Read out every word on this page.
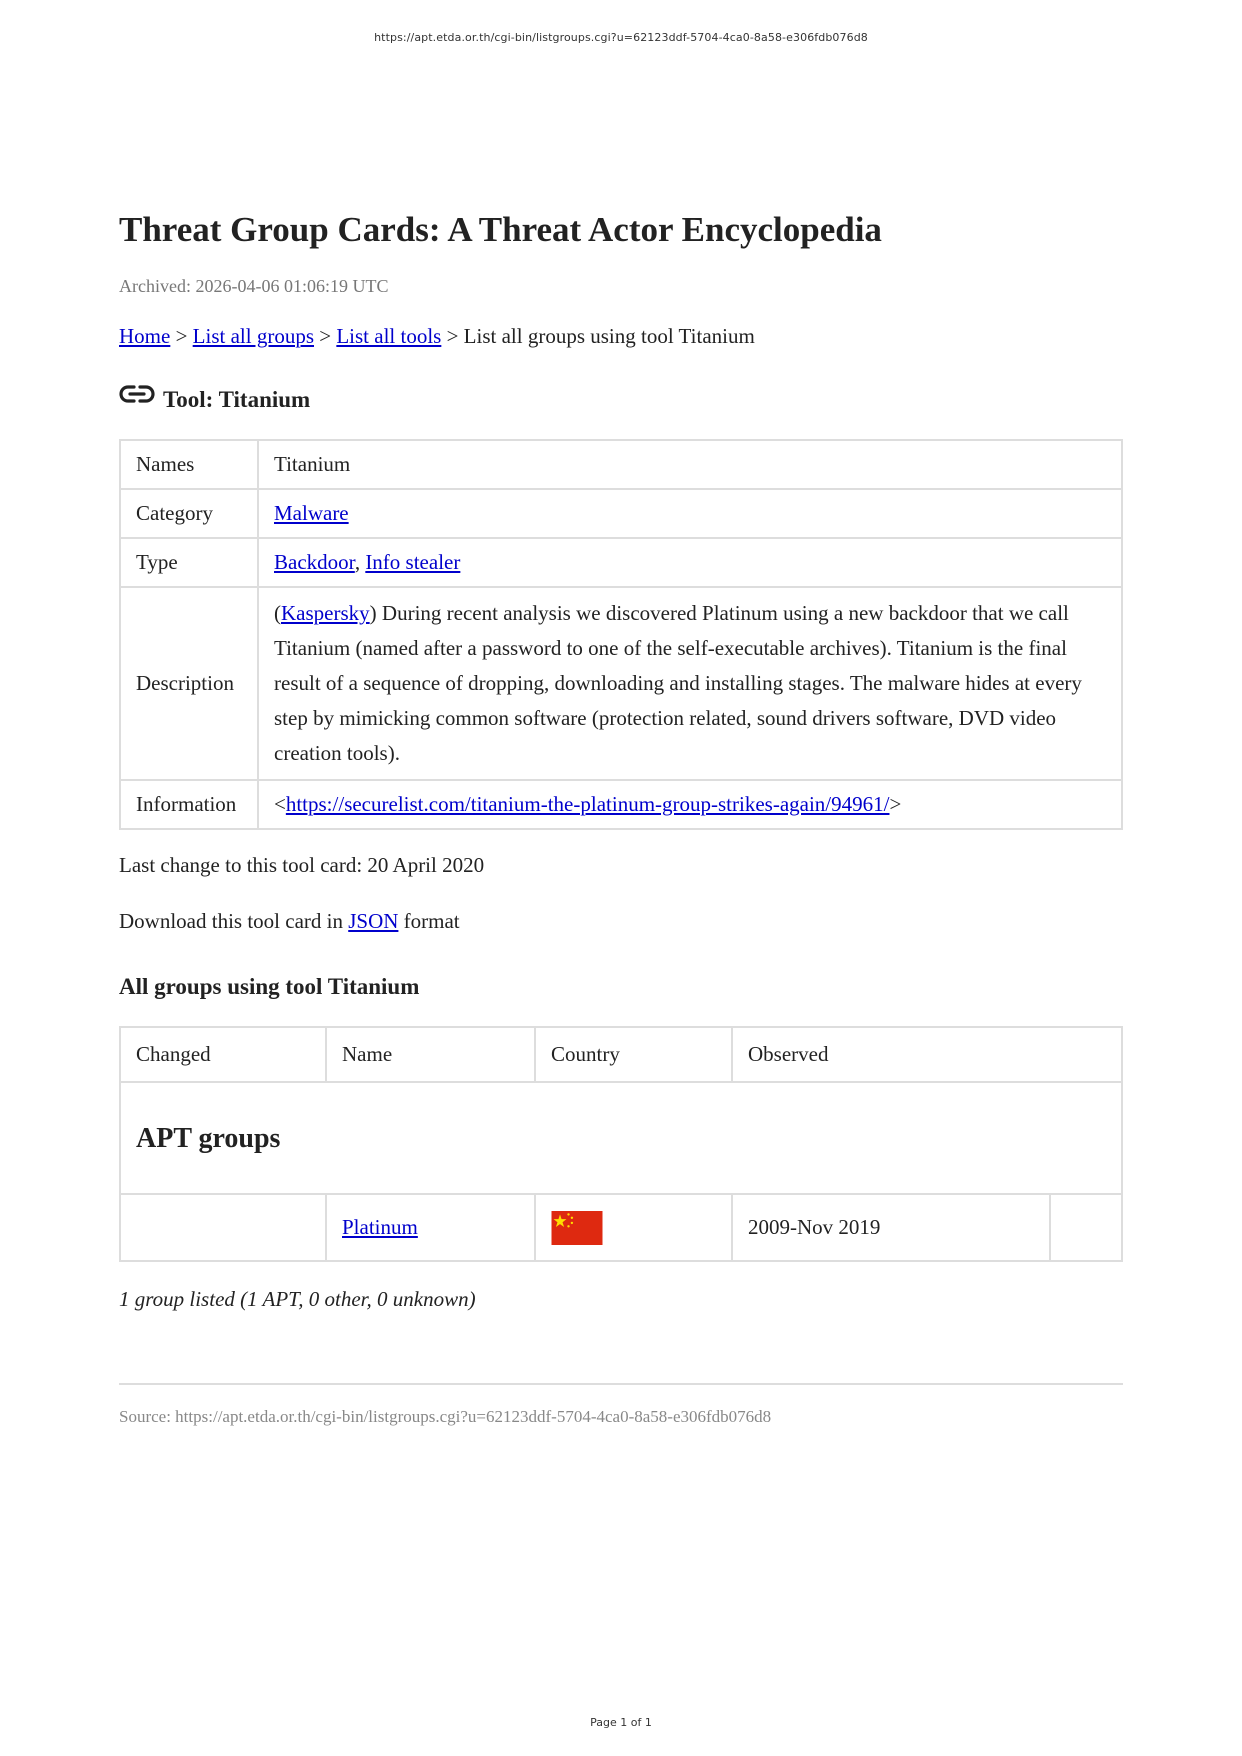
https://apt.etda.or.th/cgi-bin/listgroups.cgi?u=62123ddf-5704-4ca0-8a58-e306fdb076d8
Threat Group Cards: A Threat Actor Encyclopedia
Archived: 2026-04-06 01:06:19 UTC
Home > List all groups > List all tools > List all groups using tool Titanium
Tool: Titanium
Names	Titanium
Category	Malware
Type	Backdoor, Info stealer
Description	(Kaspersky) During recent analysis we discovered Platinum using a new backdoor that we call Titanium (named after a password to one of the self-executable archives). Titanium is the final result of a sequence of dropping, downloading and installing stages. The malware hides at every step by mimicking common software (protection related, sound drivers software, DVD video creation tools).
Information	<https://securelist.com/titanium-the-platinum-group-strikes-again/94961/>
Last change to this tool card: 20 April 2020
Download this tool card in JSON format
All groups using tool Titanium
Changed	Name	Country	Observed	
APT groups				
	Platinum		2009-Nov 2019	
1 group listed (1 APT, 0 other, 0 unknown)
Source: https://apt.etda.or.th/cgi-bin/listgroups.cgi?u=62123ddf-5704-4ca0-8a58-e306fdb076d8
Page 1 of 1
